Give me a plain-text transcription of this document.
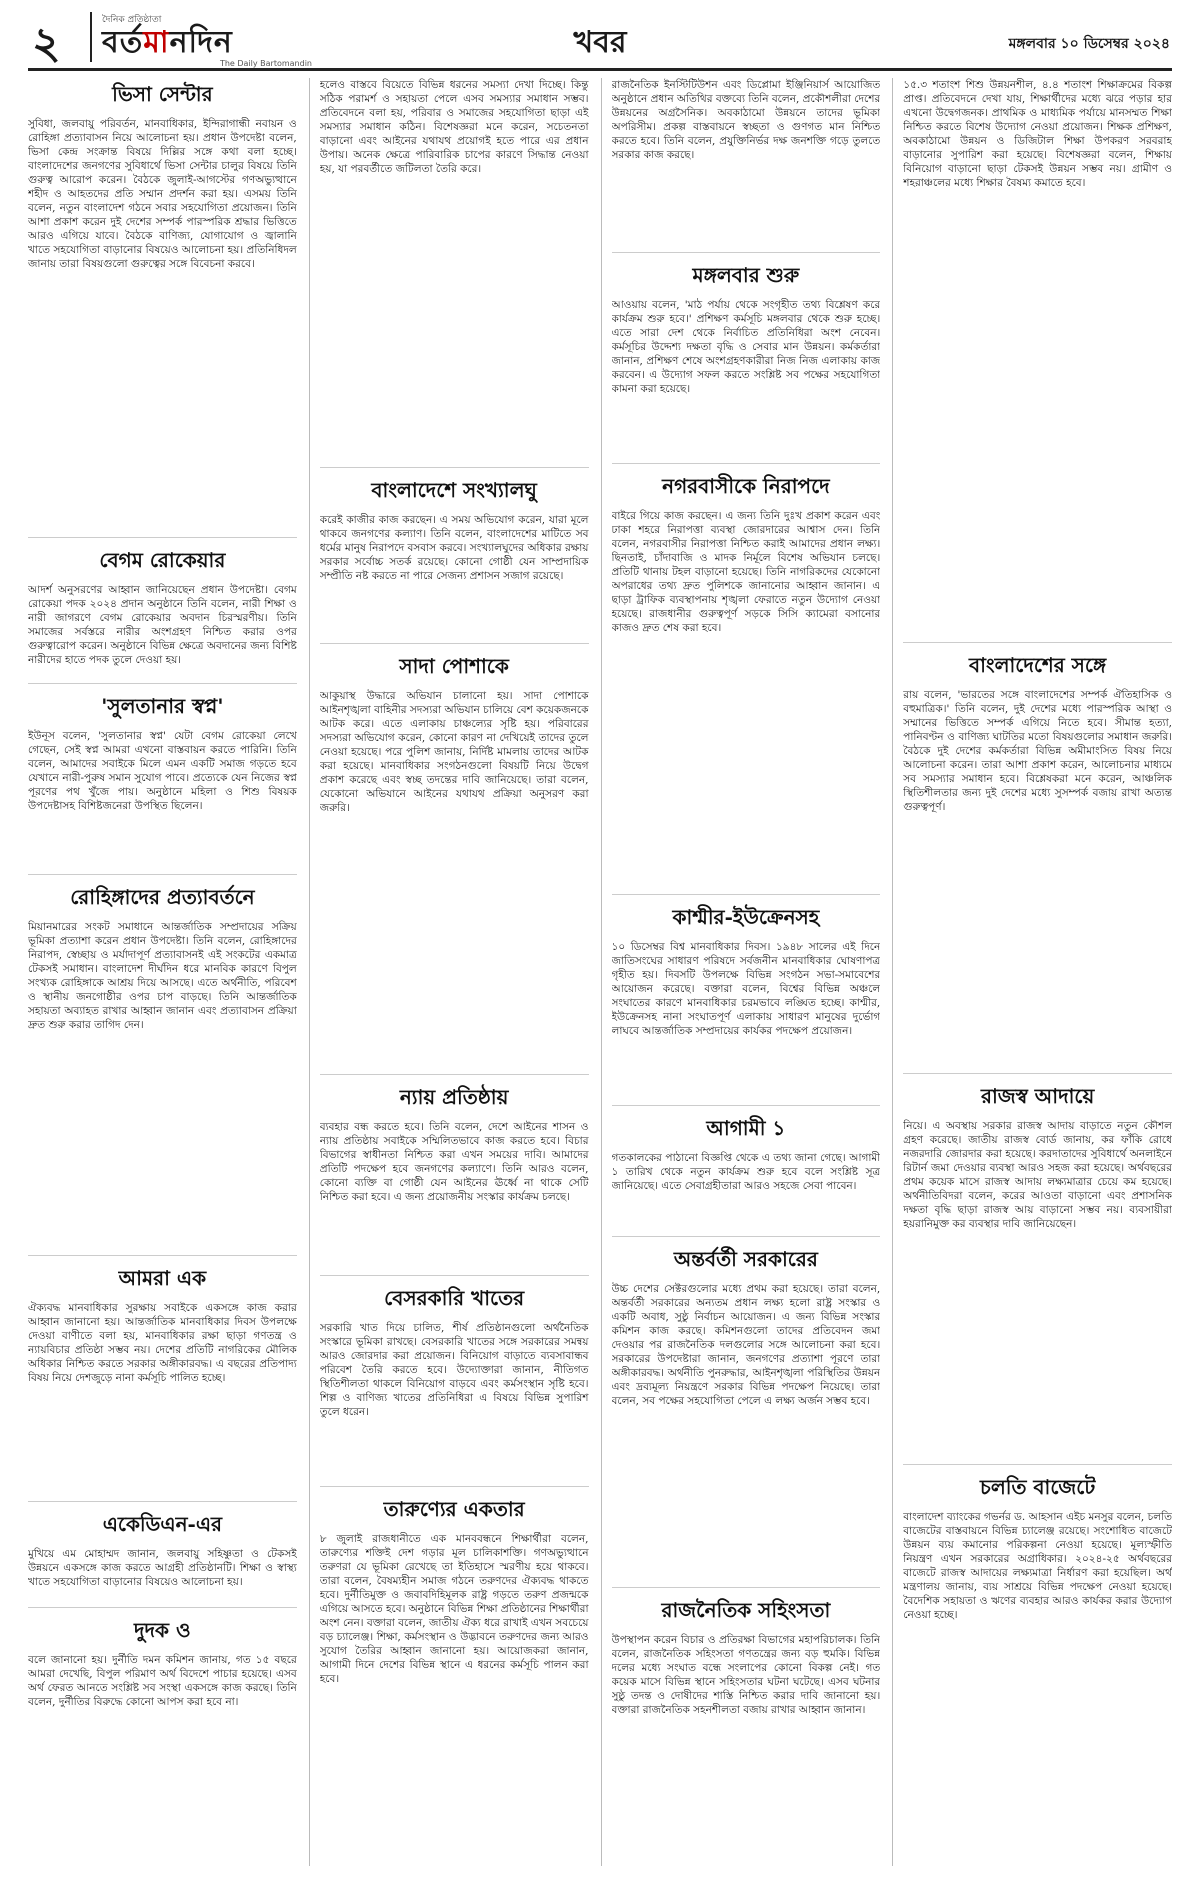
২	দৈনিক প্রতিষ্ঠাতা
বর্তমানদিন
The Daily Bartomandin
খবর	মঙ্গলবার ১০ ডিসেম্বর ২০২৪
ভিসা সেন্টার

সুবিধা, জলবায়ু পরিবর্তন, মানবাধিকার, ইন্দিরাগান্ধী নবায়ন ও রোহিঙ্গা প্রত্যাবাসন নিয়ে আলোচনা হয়। প্রধান উপদেষ্টা বলেন, ভিসা কেন্দ্র সংক্রান্ত বিষয়ে দিল্লির সঙ্গে কথা বলা হচ্ছে। বাংলাদেশের জনগণের সুবিধার্থে ভিসা সেন্টার চালুর বিষয়ে তিনি গুরুত্ব আরোপ করেন। বৈঠকে জুলাই-আগস্টের গণঅভ্যুত্থানে শহীদ ও আহতদের প্রতি সম্মান প্রদর্শন করা হয়। এসময় তিনি বলেন, নতুন বাংলাদেশ গঠনে সবার সহযোগিতা প্রয়োজন। তিনি আশা প্রকাশ করেন দুই দেশের সম্পর্ক পারস্পরিক শ্রদ্ধার ভিত্তিতে আরও এগিয়ে যাবে। বৈঠকে বাণিজ্য, যোগাযোগ ও জ্বালানি খাতে সহযোগিতা বাড়ানোর বিষয়েও আলোচনা হয়। প্রতিনিধিদল জানায় তারা বিষয়গুলো গুরুত্বের সঙ্গে বিবেচনা করবে।

বেগম রোকেয়ার

আদর্শ অনুসরণের আহ্বান জানিয়েছেন প্রধান উপদেষ্টা। বেগম রোকেয়া পদক ২০২৪ প্রদান অনুষ্ঠানে তিনি বলেন, নারী শিক্ষা ও নারী জাগরণে বেগম রোকেয়ার অবদান চিরস্মরণীয়। তিনি সমাজের সর্বস্তরে নারীর অংশগ্রহণ নিশ্চিত করার ওপর গুরুত্বারোপ করেন। অনুষ্ঠানে বিভিন্ন ক্ষেত্রে অবদানের জন্য বিশিষ্ট নারীদের হাতে পদক তুলে দেওয়া হয়।

'সুলতানার স্বপ্ন'

ইউনূস বলেন, 'সুলতানার স্বপ্ন' যেটা বেগম রোকেয়া লেখে গেছেন, সেই স্বপ্ন আমরা এখনো বাস্তবায়ন করতে পারিনি। তিনি বলেন, আমাদের সবাইকে মিলে এমন একটি সমাজ গড়তে হবে যেখানে নারী-পুরুষ সমান সুযোগ পাবে। প্রত্যেকে যেন নিজের স্বপ্ন পূরণের পথ খুঁজে পায়। অনুষ্ঠানে মহিলা ও শিশু বিষয়ক উপদেষ্টাসহ বিশিষ্টজনেরা উপস্থিত ছিলেন।

রোহিঙ্গাদের প্রত্যাবর্তনে

মিয়ানমারের সংকট সমাধানে আন্তর্জাতিক সম্প্রদায়ের সক্রিয় ভূমিকা প্রত্যাশা করেন প্রধান উপদেষ্টা। তিনি বলেন, রোহিঙ্গাদের নিরাপদ, স্বেচ্ছায় ও মর্যাদাপূর্ণ প্রত্যাবাসনই এই সংকটের একমাত্র টেকসই সমাধান। বাংলাদেশ দীর্ঘদিন ধরে মানবিক কারণে বিপুল সংখ্যক রোহিঙ্গাকে আশ্রয় দিয়ে আসছে। এতে অর্থনীতি, পরিবেশ ও স্থানীয় জনগোষ্ঠীর ওপর চাপ বাড়ছে। তিনি আন্তর্জাতিক সহায়তা অব্যাহত রাখার আহ্বান জানান এবং প্রত্যাবাসন প্রক্রিয়া দ্রুত শুরু করার তাগিদ দেন।

আমরা এক

ঐক্যবদ্ধ মানবাধিকার সুরক্ষায় সবাইকে একসঙ্গে কাজ করার আহ্বান জানানো হয়। আন্তর্জাতিক মানবাধিকার দিবস উপলক্ষে দেওয়া বাণীতে বলা হয়, মানবাধিকার রক্ষা ছাড়া গণতন্ত্র ও ন্যায়বিচার প্রতিষ্ঠা সম্ভব নয়। দেশের প্রতিটি নাগরিকের মৌলিক অধিকার নিশ্চিত করতে সরকার অঙ্গীকারবদ্ধ। এ বছরের প্রতিপাদ্য বিষয় নিয়ে দেশজুড়ে নানা কর্মসূচি পালিত হচ্ছে।

একেডিএন-এর

মুখিয়ে এম মোহাম্মদ জানান, জলবায়ু সহিষ্ণুতা ও টেকসই উন্নয়নে একসঙ্গে কাজ করতে আগ্রহী প্রতিষ্ঠানটি। শিক্ষা ও স্বাস্থ্য খাতে সহযোগিতা বাড়ানোর বিষয়েও আলোচনা হয়।

দুদক ও

বলে জানানো হয়। দুর্নীতি দমন কমিশন জানায়, গত ১৫ বছরে আমরা দেখেছি, বিপুল পরিমাণ অর্থ বিদেশে পাচার হয়েছে। এসব অর্থ ফেরত আনতে সংশ্লিষ্ট সব সংস্থা একসঙ্গে কাজ করছে। তিনি বলেন, দুর্নীতির বিরুদ্ধে কোনো আপস করা হবে না।

হলেও বাস্তবে বিয়েতে বিভিন্ন ধরনের সমস্যা দেখা দিচ্ছে। কিন্তু সঠিক পরামর্শ ও সহায়তা পেলে এসব সমস্যার সমাধান সম্ভব। প্রতিবেদনে বলা হয়, পরিবার ও সমাজের সহযোগিতা ছাড়া এই সমস্যার সমাধান কঠিন। বিশেষজ্ঞরা মনে করেন, সচেতনতা বাড়ানো এবং আইনের যথাযথ প্রয়োগই হতে পারে এর প্রধান উপায়। অনেক ক্ষেত্রে পারিবারিক চাপের কারণে সিদ্ধান্ত নেওয়া হয়, যা পরবর্তীতে জটিলতা তৈরি করে।

বাংলাদেশে সংখ্যালঘু

করেই কাজীর কাজ করছেন। এ সময় অভিযোগ করেন, যারা মূলে থাকবে জনগণের কল্যাণ। তিনি বলেন, বাংলাদেশের মাটিতে সব ধর্মের মানুষ নিরাপদে বসবাস করবে। সংখ্যালঘুদের অধিকার রক্ষায় সরকার সর্বোচ্চ সতর্ক রয়েছে। কোনো গোষ্ঠী যেন সাম্প্রদায়িক সম্প্রীতি নষ্ট করতে না পারে সেজন্য প্রশাসন সজাগ রয়েছে।

সাদা পোশাকে

আকুয়াস্থ উদ্ধারে অভিযান চালানো হয়। সাদা পোশাকে আইনশৃঙ্খলা বাহিনীর সদস্যরা অভিযান চালিয়ে বেশ কয়েকজনকে আটক করে। এতে এলাকায় চাঞ্চল্যের সৃষ্টি হয়। পরিবারের সদস্যরা অভিযোগ করেন, কোনো কারণ না দেখিয়েই তাদের তুলে নেওয়া হয়েছে। পরে পুলিশ জানায়, নির্দিষ্ট মামলায় তাদের আটক করা হয়েছে। মানবাধিকার সংগঠনগুলো বিষয়টি নিয়ে উদ্বেগ প্রকাশ করেছে এবং স্বচ্ছ তদন্তের দাবি জানিয়েছে। তারা বলেন, যেকোনো অভিযানে আইনের যথাযথ প্রক্রিয়া অনুসরণ করা জরুরি।

ন্যায় প্রতিষ্ঠায়

ব্যবহার বন্ধ করতে হবে। তিনি বলেন, দেশে আইনের শাসন ও ন্যায় প্রতিষ্ঠায় সবাইকে সম্মিলিতভাবে কাজ করতে হবে। বিচার বিভাগের স্বাধীনতা নিশ্চিত করা এখন সময়ের দাবি। আমাদের প্রতিটি পদক্ষেপ হবে জনগণের কল্যাণে। তিনি আরও বলেন, কোনো ব্যক্তি বা গোষ্ঠী যেন আইনের ঊর্ধ্বে না থাকে সেটি নিশ্চিত করা হবে। এ জন্য প্রয়োজনীয় সংস্কার কার্যক্রম চলছে।

বেসরকারি খাতের

সরকারি খাত দিয়ে চালিত, শীর্ষ প্রতিষ্ঠানগুলো অর্থনৈতিক সংস্কারে ভূমিকা রাখছে। বেসরকারি খাতের সঙ্গে সরকারের সমন্বয় আরও জোরদার করা প্রয়োজন। বিনিয়োগ বাড়াতে ব্যবসাবান্ধব পরিবেশ তৈরি করতে হবে। উদ্যোক্তারা জানান, নীতিগত স্থিতিশীলতা থাকলে বিনিয়োগ বাড়বে এবং কর্মসংস্থান সৃষ্টি হবে। শিল্প ও বাণিজ্য খাতের প্রতিনিধিরা এ বিষয়ে বিভিন্ন সুপারিশ তুলে ধরেন।

তারুণ্যের একতার

৮ জুলাই রাজধানীতে এক মানববন্ধনে শিক্ষার্থীরা বলেন, তারুণ্যের শক্তিই দেশ গড়ার মূল চালিকাশক্তি। গণঅভ্যুত্থানে তরুণরা যে ভূমিকা রেখেছে তা ইতিহাসে স্মরণীয় হয়ে থাকবে। তারা বলেন, বৈষম্যহীন সমাজ গঠনে তরুণদের ঐক্যবদ্ধ থাকতে হবে। দুর্নীতিমুক্ত ও জবাবদিহিমূলক রাষ্ট্র গড়তে তরুণ প্রজন্মকে এগিয়ে আসতে হবে। অনুষ্ঠানে বিভিন্ন শিক্ষা প্রতিষ্ঠানের শিক্ষার্থীরা অংশ নেন। বক্তারা বলেন, জাতীয় ঐক্য ধরে রাখাই এখন সবচেয়ে বড় চ্যালেঞ্জ। শিক্ষা, কর্মসংস্থান ও উদ্ভাবনে তরুণদের জন্য আরও সুযোগ তৈরির আহ্বান জানানো হয়। আয়োজকরা জানান, আগামী দিনে দেশের বিভিন্ন স্থানে এ ধরনের কর্মসূচি পালন করা হবে।

রাজনৈতিক ইনস্টিটিউশন এবং ডিপ্লোমা ইঞ্জিনিয়ার্স আয়োজিত অনুষ্ঠানে প্রধান অতিথির বক্তব্যে তিনি বলেন, প্রকৌশলীরা দেশের উন্নয়নের অগ্রসৈনিক। অবকাঠামো উন্নয়নে তাদের ভূমিকা অপরিসীম। প্রকল্প বাস্তবায়নে স্বচ্ছতা ও গুণগত মান নিশ্চিত করতে হবে। তিনি বলেন, প্রযুক্তিনির্ভর দক্ষ জনশক্তি গড়ে তুলতে সরকার কাজ করছে।

মঙ্গলবার শুরু

আওয়ায় বলেন, 'মাঠ পর্যায় থেকে সংগৃহীত তথ্য বিশ্লেষণ করে কার্যক্রম শুরু হবে।' প্রশিক্ষণ কর্মসূচি মঙ্গলবার থেকে শুরু হচ্ছে। এতে সারা দেশ থেকে নির্বাচিত প্রতিনিধিরা অংশ নেবেন। কর্মসূচির উদ্দেশ্য দক্ষতা বৃদ্ধি ও সেবার মান উন্নয়ন। কর্মকর্তারা জানান, প্রশিক্ষণ শেষে অংশগ্রহণকারীরা নিজ নিজ এলাকায় কাজ করবেন। এ উদ্যোগ সফল করতে সংশ্লিষ্ট সব পক্ষের সহযোগিতা কামনা করা হয়েছে।

নগরবাসীকে নিরাপদে

বাইরে গিয়ে কাজ করছেন। এ জন্য তিনি দুঃখ প্রকাশ করেন এবং ঢাকা শহরে নিরাপত্তা ব্যবস্থা জোরদারের আশ্বাস দেন। তিনি বলেন, নগরবাসীর নিরাপত্তা নিশ্চিত করাই আমাদের প্রধান লক্ষ্য। ছিনতাই, চাঁদাবাজি ও মাদক নির্মূলে বিশেষ অভিযান চলছে। প্রতিটি থানায় টহল বাড়ানো হয়েছে। তিনি নাগরিকদের যেকোনো অপরাধের তথ্য দ্রুত পুলিশকে জানানোর আহ্বান জানান। এ ছাড়া ট্রাফিক ব্যবস্থাপনায় শৃঙ্খলা ফেরাতে নতুন উদ্যোগ নেওয়া হয়েছে। রাজধানীর গুরুত্বপূর্ণ সড়কে সিসি ক্যামেরা বসানোর কাজও দ্রুত শেষ করা হবে।

কাশ্মীর-ইউক্রেনসহ

১০ ডিসেম্বর বিশ্ব মানবাধিকার দিবস। ১৯৪৮ সালের এই দিনে জাতিসংঘের সাধারণ পরিষদে সর্বজনীন মানবাধিকার ঘোষণাপত্র গৃহীত হয়। দিবসটি উপলক্ষে বিভিন্ন সংগঠন সভা-সমাবেশের আয়োজন করেছে। বক্তারা বলেন, বিশ্বের বিভিন্ন অঞ্চলে সংঘাতের কারণে মানবাধিকার চরমভাবে লঙ্ঘিত হচ্ছে। কাশ্মীর, ইউক্রেনসহ নানা সংঘাতপূর্ণ এলাকায় সাধারণ মানুষের দুর্ভোগ লাঘবে আন্তর্জাতিক সম্প্রদায়ের কার্যকর পদক্ষেপ প্রয়োজন।

আগামী ১

গতকালকের পাঠানো বিজ্ঞপ্তি থেকে এ তথ্য জানা গেছে। আগামী ১ তারিখ থেকে নতুন কার্যক্রম শুরু হবে বলে সংশ্লিষ্ট সূত্র জানিয়েছে। এতে সেবাগ্রহীতারা আরও সহজে সেবা পাবেন।

অন্তর্বর্তী সরকারের

উচ্চ দেশের সেক্টরগুলোর মধ্যে প্রথম করা হয়েছে। তারা বলেন, অন্তর্বর্তী সরকারের অন্যতম প্রধান লক্ষ্য হলো রাষ্ট্র সংস্কার ও একটি অবাধ, সুষ্ঠু নির্বাচন আয়োজন। এ জন্য বিভিন্ন সংস্কার কমিশন কাজ করছে। কমিশনগুলো তাদের প্রতিবেদন জমা দেওয়ার পর রাজনৈতিক দলগুলোর সঙ্গে আলোচনা করা হবে। সরকারের উপদেষ্টারা জানান, জনগণের প্রত্যাশা পূরণে তারা অঙ্গীকারবদ্ধ। অর্থনীতি পুনরুদ্ধার, আইনশৃঙ্খলা পরিস্থিতির উন্নয়ন এবং দ্রব্যমূল্য নিয়ন্ত্রণে সরকার বিভিন্ন পদক্ষেপ নিয়েছে। তারা বলেন, সব পক্ষের সহযোগিতা পেলে এ লক্ষ্য অর্জন সম্ভব হবে।

রাজনৈতিক সহিংসতা

উপস্থাপন করেন বিচার ও প্রতিরক্ষা বিভাগের মহাপরিচালক। তিনি বলেন, রাজনৈতিক সহিংসতা গণতন্ত্রের জন্য বড় হুমকি। বিভিন্ন দলের মধ্যে সংঘাত বন্ধে সংলাপের কোনো বিকল্প নেই। গত কয়েক মাসে বিভিন্ন স্থানে সহিংসতার ঘটনা ঘটেছে। এসব ঘটনার সুষ্ঠু তদন্ত ও দোষীদের শাস্তি নিশ্চিত করার দাবি জানানো হয়। বক্তারা রাজনৈতিক সহনশীলতা বজায় রাখার আহ্বান জানান।

১৫.৩ শতাংশ শিশু উন্নয়নশীল, ৪.৪ শতাংশ শিক্ষাক্রমের বিকল্প প্রাপ্ত। প্রতিবেদনে দেখা যায়, শিক্ষার্থীদের মধ্যে ঝরে পড়ার হার এখনো উদ্বেগজনক। প্রাথমিক ও মাধ্যমিক পর্যায়ে মানসম্মত শিক্ষা নিশ্চিত করতে বিশেষ উদ্যোগ নেওয়া প্রয়োজন। শিক্ষক প্রশিক্ষণ, অবকাঠামো উন্নয়ন ও ডিজিটাল শিক্ষা উপকরণ সরবরাহ বাড়ানোর সুপারিশ করা হয়েছে। বিশেষজ্ঞরা বলেন, শিক্ষায় বিনিয়োগ বাড়ানো ছাড়া টেকসই উন্নয়ন সম্ভব নয়। গ্রামীণ ও শহরাঞ্চলের মধ্যে শিক্ষার বৈষম্য কমাতে হবে।

বাংলাদেশের সঙ্গে

রায় বলেন, 'ভারতের সঙ্গে বাংলাদেশের সম্পর্ক ঐতিহাসিক ও বহুমাত্রিক।' তিনি বলেন, দুই দেশের মধ্যে পারস্পরিক আস্থা ও সম্মানের ভিত্তিতে সম্পর্ক এগিয়ে নিতে হবে। সীমান্ত হত্যা, পানিবণ্টন ও বাণিজ্য ঘাটতির মতো বিষয়গুলোর সমাধান জরুরি। বৈঠকে দুই দেশের কর্মকর্তারা বিভিন্ন অমীমাংসিত বিষয় নিয়ে আলোচনা করেন। তারা আশা প্রকাশ করেন, আলোচনার মাধ্যমে সব সমস্যার সমাধান হবে। বিশ্লেষকরা মনে করেন, আঞ্চলিক স্থিতিশীলতার জন্য দুই দেশের মধ্যে সুসম্পর্ক বজায় রাখা অত্যন্ত গুরুত্বপূর্ণ।

রাজস্ব আদায়ে

নিয়ে। এ অবস্থায় সরকার রাজস্ব আদায় বাড়াতে নতুন কৌশল গ্রহণ করেছে। জাতীয় রাজস্ব বোর্ড জানায়, কর ফাঁকি রোধে নজরদারি জোরদার করা হয়েছে। করদাতাদের সুবিধার্থে অনলাইনে রিটার্ন জমা দেওয়ার ব্যবস্থা আরও সহজ করা হয়েছে। অর্থবছরের প্রথম কয়েক মাসে রাজস্ব আদায় লক্ষ্যমাত্রার চেয়ে কম হয়েছে। অর্থনীতিবিদরা বলেন, করের আওতা বাড়ানো এবং প্রশাসনিক দক্ষতা বৃদ্ধি ছাড়া রাজস্ব আয় বাড়ানো সম্ভব নয়। ব্যবসায়ীরা হয়রানিমুক্ত কর ব্যবস্থার দাবি জানিয়েছেন।

চলতি বাজেটে

বাংলাদেশ ব্যাংকের গভর্নর ড. আহসান এইচ মনসুর বলেন, চলতি বাজেটের বাস্তবায়নে বিভিন্ন চ্যালেঞ্জ রয়েছে। সংশোধিত বাজেটে উন্নয়ন ব্যয় কমানোর পরিকল্পনা নেওয়া হয়েছে। মূল্যস্ফীতি নিয়ন্ত্রণ এখন সরকারের অগ্রাধিকার। ২০২৪-২৫ অর্থবছরের বাজেটে রাজস্ব আদায়ের লক্ষ্যমাত্রা নির্ধারণ করা হয়েছিল। অর্থ মন্ত্রণালয় জানায়, ব্যয় সাশ্রয়ে বিভিন্ন পদক্ষেপ নেওয়া হয়েছে। বৈদেশিক সহায়তা ও ঋণের ব্যবহার আরও কার্যকর করার উদ্যোগ নেওয়া হচ্ছে।
